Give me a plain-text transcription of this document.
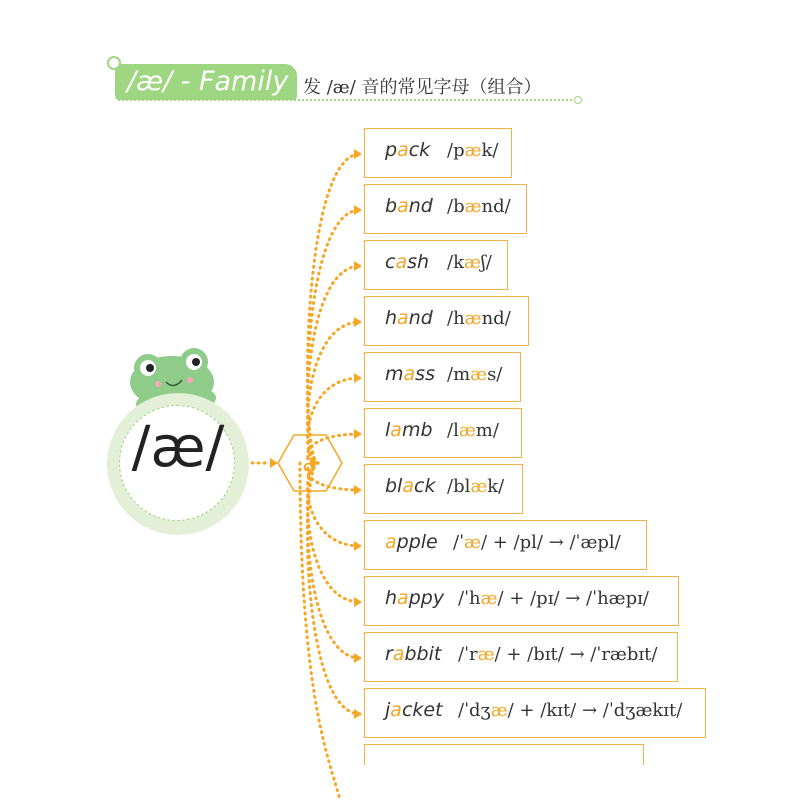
/æ/ - Family 发 /æ/ 音的常见字母（组合）
a
/æ/
pack /pæk/
band /bænd/
cash /kæʃ/
hand /hænd/
mass /mæs/
lamb /læm/
black /blæk/
apple /ˈæ/ + /pl/ → /ˈæpl/
happy /ˈhæ/ + /pɪ/ → /ˈhæpɪ/
rabbit /ˈræ/ + /bɪt/ → /ˈræbɪt/
jacket /ˈdʒæ/ + /kɪt/ → /ˈdʒækɪt/
